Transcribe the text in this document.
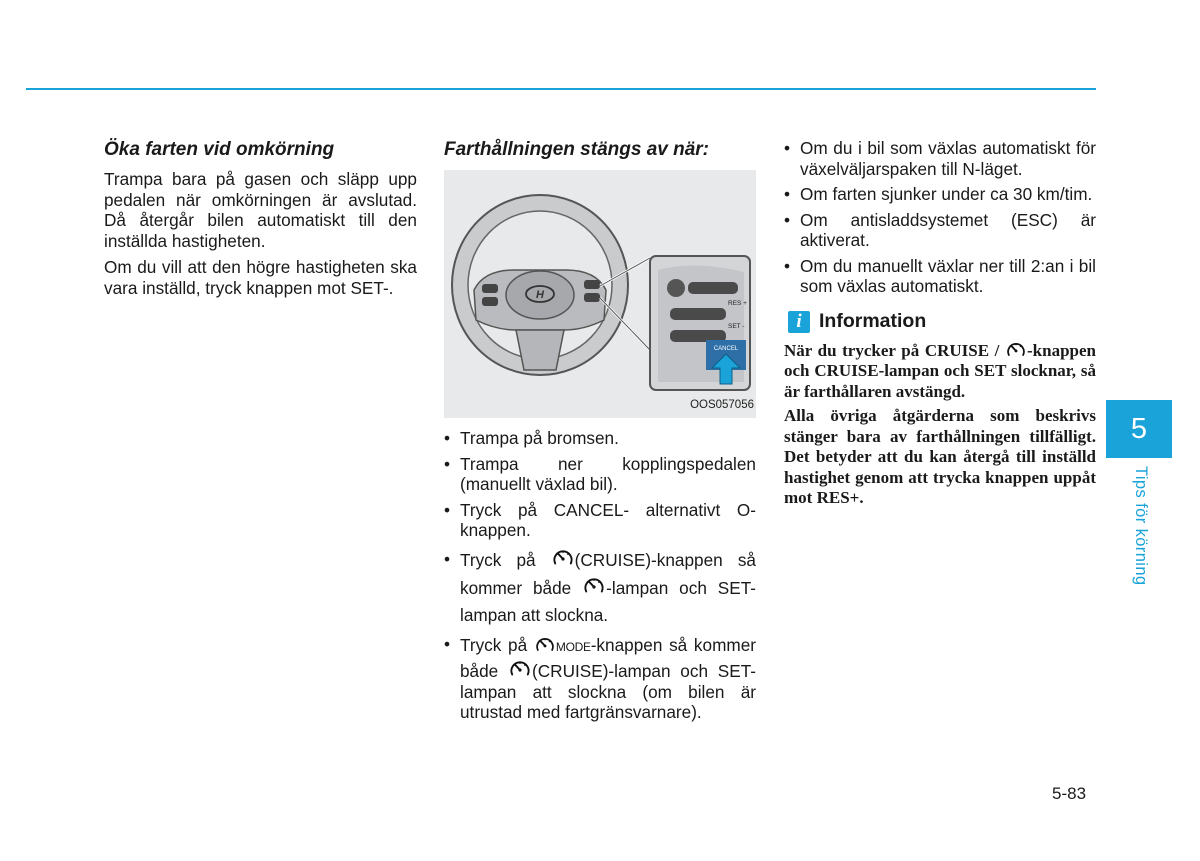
Öka farten vid omkörning

Trampa bara på gasen och släpp upp pedalen när omkörningen är avslutad. Då återgår bilen automatiskt till den inställda hastigheten.

Om du vill att den högre hastigheten ska vara inställd, tryck knappen mot SET-.

Farthållningen stängs av när:
H
RES +
SET -
CANCEL
OOS057056
• Trampa på bromsen.
• Trampa ner kopplingspedalen (manuellt växlad bil).
• Tryck på CANCEL- alternativt O-knappen.
• Tryck på (CRUISE)-knappen så kommer både -lampan och SET-lampan att slockna.
• Tryck på MODE-knappen så kommer både (CRUISE)-lampan och SET-lampan att slockna (om bilen är utrustad med fartgränsvarnare).
• Om du i bil som växlas automatiskt för växelväljarspaken till N-läget.
• Om farten sjunker under ca 30 km/tim.
• Om antisladdsystemet (ESC) är aktiverat.
• Om du manuellt växlar ner till 2:an i bil som växlas automatiskt.
i Information

När du trycker på CRUISE / -knappen och CRUISE-lampan och SET slocknar, så är farthållaren avstängd.

Alla övriga åtgärderna som beskrivs stänger bara av farthållningen tillfälligt. Det betyder att du kan återgå till inställd hastighet genom att trycka knappen uppåt mot RES+.

5
Tips för körning
5-83
